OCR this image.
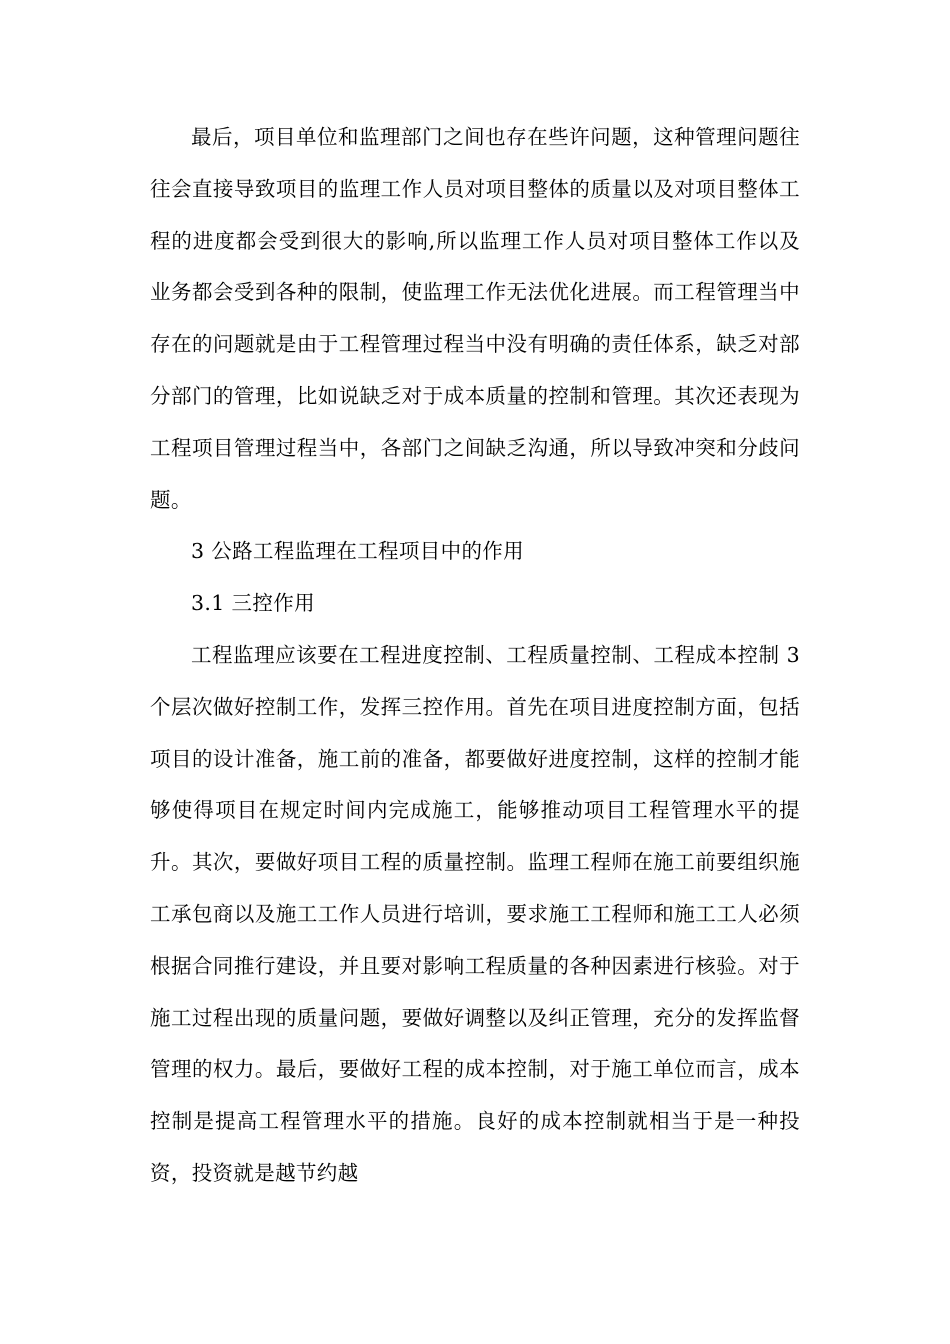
最后，项目单位和监理部门之间也存在些许问题，这种管理问题往往会直接导致项目的监理工作人员对项目整体的质量以及对项目整体工程的进度都会受到很大的影响,所以监理工作人员对项目整体工作以及业务都会受到各种的限制，使监理工作无法优化进展。而工程管理当中存在的问题就是由于工程管理过程当中没有明确的责任体系，缺乏对部分部门的管理，比如说缺乏对于成本质量的控制和管理。其次还表现为工程项目管理过程当中，各部门之间缺乏沟通，所以导致冲突和分歧问题。

3 公路工程监理在工程项目中的作用

3.1 三控作用

工程监理应该要在工程进度控制、工程质量控制、工程成本控制 3 个层次做好控制工作，发挥三控作用。首先在项目进度控制方面，包括项目的设计准备，施工前的准备，都要做好进度控制，这样的控制才能够使得项目在规定时间内完成施工，能够推动项目工程管理水平的提升。其次，要做好项目工程的质量控制。监理工程师在施工前要组织施工承包商以及施工工作人员进行培训，要求施工工程师和施工工人必须根据合同推行建设，并且要对影响工程质量的各种因素进行核验。对于施工过程出现的质量问题，要做好调整以及纠正管理，充分的发挥监督管理的权力。最后，要做好工程的成本控制，对于施工单位而言，成本控制是提高工程管理水平的措施。良好的成本控制就相当于是一种投资，投资就是越节约越
